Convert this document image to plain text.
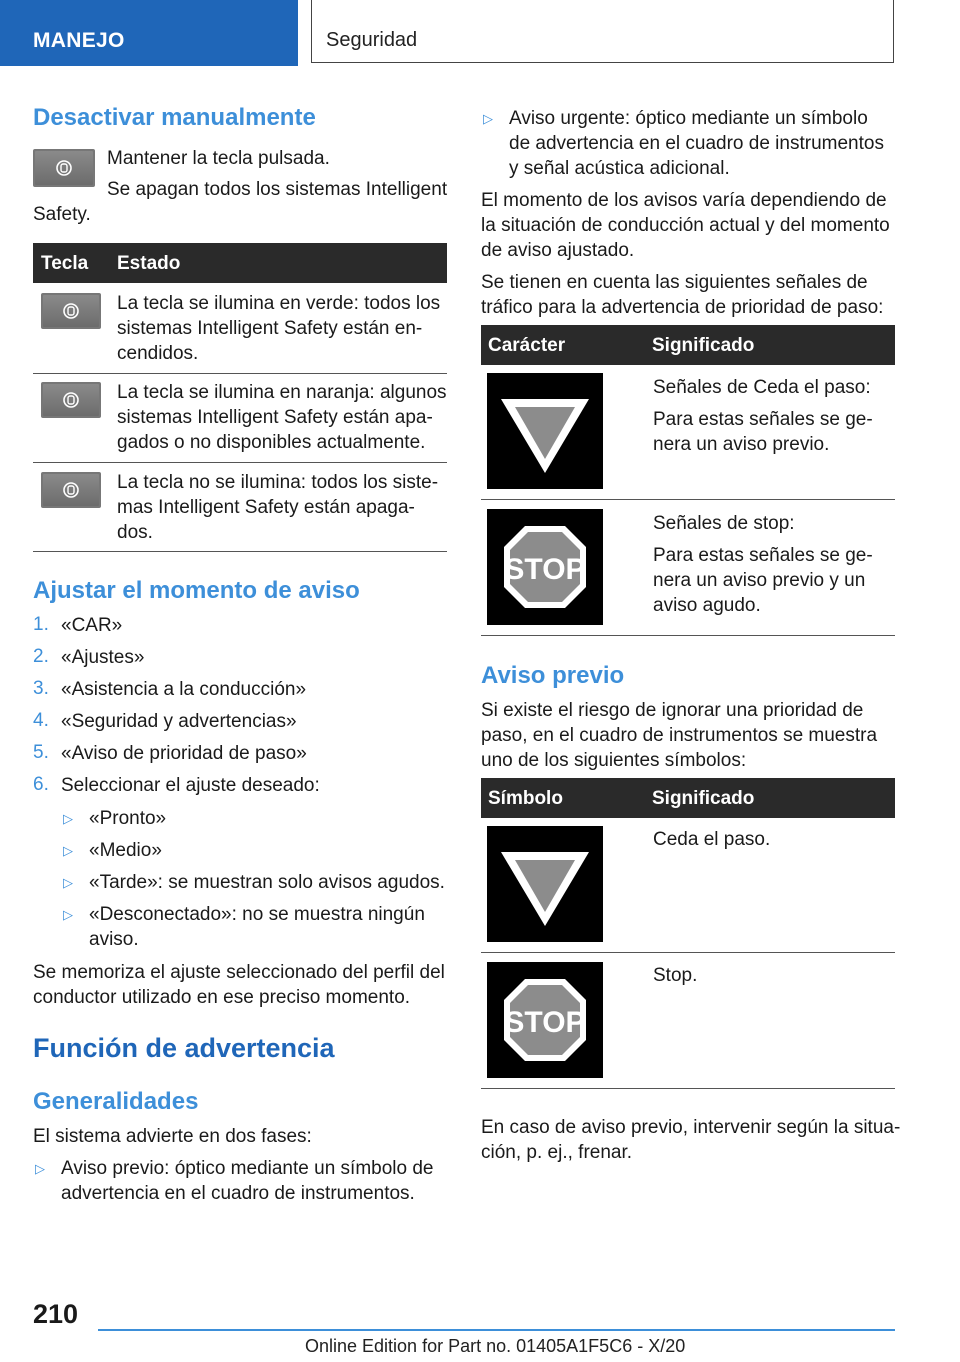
MANEJO	Seguridad
Desactivar manualmente
Mantener la tecla pulsada.
Se apagan todos los sistemas Intelligent
Safety.
Tecla Estado
La tecla se ilumina en verde: todos los
sistemas Intelligent Safety están en-
cendidos.
La tecla se ilumina en naranja: algunos
sistemas Intelligent Safety están apa-
gados o no disponibles actualmente.
La tecla no se ilumina: todos los siste-
mas Intelligent Safety están apaga-
dos.
Ajustar el momento de aviso
1. «CAR»
2. «Ajustes»
3. «Asistencia a la conducción»
4. «Seguridad y advertencias»
5. «Aviso de prioridad de paso»
6. Seleccionar el ajuste deseado:
▷ «Pronto»
▷ «Medio»
▷ «Tarde»: se muestran solo avisos agudos.
▷ «Desconectado»: no se muestra ningún
aviso.
Se memoriza el ajuste seleccionado del perfil del
conductor utilizado en ese preciso momento.
Función de advertencia
Generalidades
El sistema advierte en dos fases:
▷ Aviso previo: óptico mediante un símbolo de
advertencia en el cuadro de instrumentos.
▷ Aviso urgente: óptico mediante un símbolo
de advertencia en el cuadro de instrumentos
y señal acústica adicional.
El momento de los avisos varía dependiendo de
la situación de conducción actual y del momento
de aviso ajustado.
Se tienen en cuenta las siguientes señales de
tráfico para la advertencia de prioridad de paso:
Carácter	Significado
Señales de Ceda el paso:
Para estas señales se ge-
nera un aviso previo.
STOP
Señales de stop:
Para estas señales se ge-
nera un aviso previo y un
aviso agudo.
Aviso previo
Si existe el riesgo de ignorar una prioridad de
paso, en el cuadro de instrumentos se muestra
uno de los siguientes símbolos:
Símbolo	Significado
Ceda el paso.
STOP
Stop.
En caso de aviso previo, intervenir según la situa-
ción, p. ej., frenar.
210
Online Edition for Part no. 01405A1F5C6 - X/20
